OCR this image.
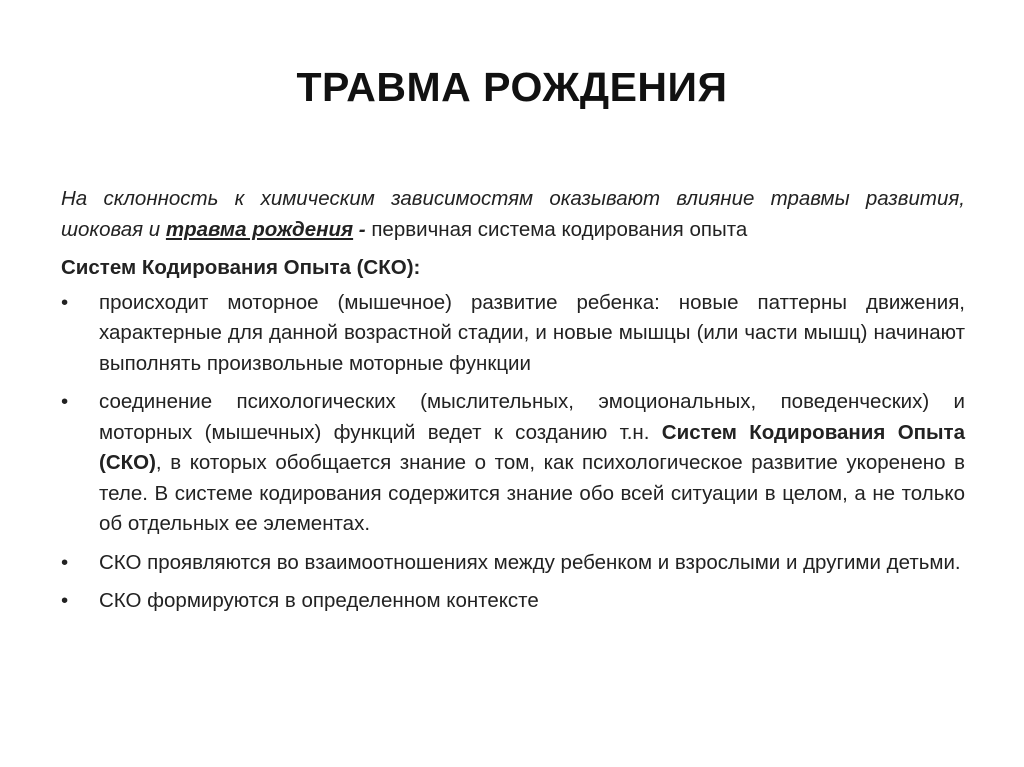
ТРАВМА РОЖДЕНИЯ

На склонность к химическим зависимостям оказывают влияние травмы развития, шоковая и травма рождения - первичная система кодирования опыта

Систем Кодирования Опыта (СКО):
•	происходит моторное (мышечное) развитие ребенка: новые паттерны движения, характерные для данной возрастной стадии, и новые мышцы (или части мышц) начинают выполнять произвольные моторные функции
•	соединение психологических (мыслительных, эмоциональных, поведенческих) и моторных (мышечных) функций ведет к созданию т.н. Систем Кодирования Опыта (СКО), в которых обобщается знание о том, как психологическое развитие укоренено в теле. В системе кодирования содержится знание обо всей ситуации в целом, а не только об отдельных ее элементах.
•	СКО проявляются во взаимоотношениях между ребенком и взрослыми и другими детьми.
•	СКО формируются в определенном контексте
